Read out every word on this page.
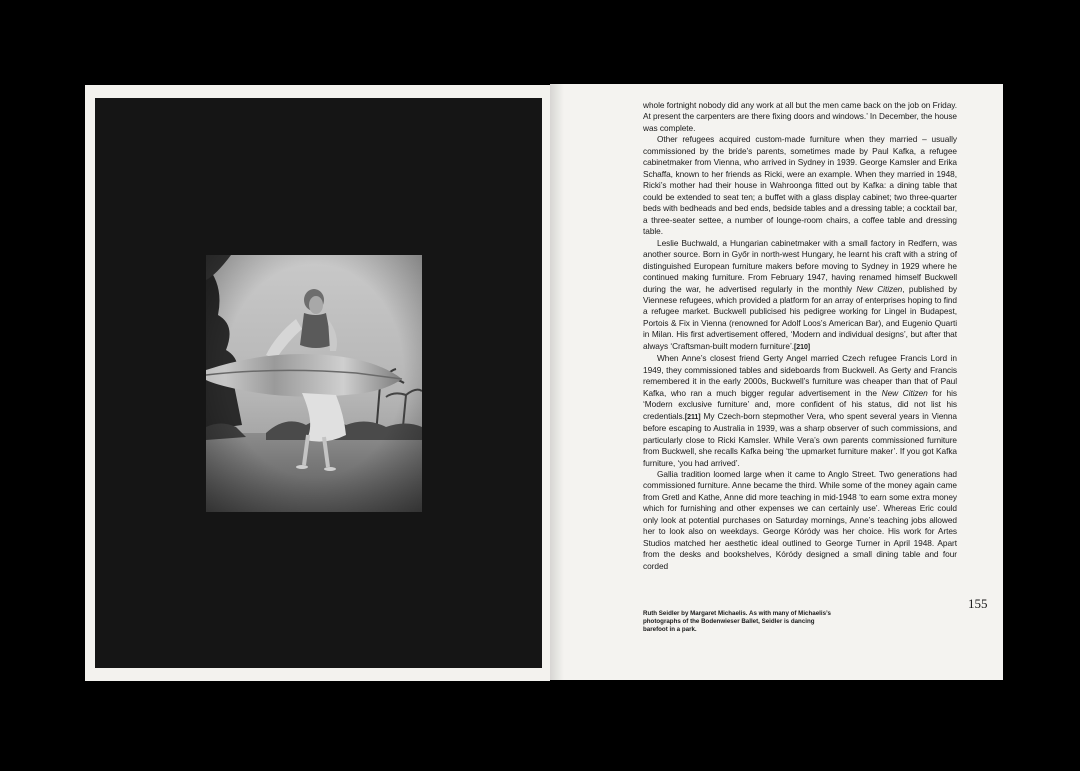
whole fortnight nobody did any work at all but the men came back on the job on Friday. At present the carpenters are there fixing doors and windows.’ In December, the house was complete.

Other refugees acquired custom-made furniture when they married – usually commissioned by the bride’s parents, sometimes made by Paul Kafka, a refugee cabinetmaker from Vienna, who arrived in Sydney in 1939. George Kamsler and Erika Schaffa, known to her friends as Ricki, were an example. When they married in 1948, Ricki’s mother had their house in Wahroonga fitted out by Kafka: a dining table that could be extended to seat ten; a buffet with a glass display cabinet; two three-quarter beds with bedheads and bed ends, bedside tables and a dressing table; a cocktail bar, a three-seater settee, a number of lounge-room chairs, a coffee table and dressing table.

Leslie Buchwald, a Hungarian cabinetmaker with a small factory in Redfern, was another source. Born in Győr in north-west Hungary, he learnt his craft with a string of distinguished European furniture makers before moving to Sydney in 1929 where he continued making furniture. From February 1947, having renamed himself Buckwell during the war, he advertised regularly in the monthly New Citizen, published by Viennese refugees, which provided a platform for an array of enterprises hoping to find a refugee market. Buckwell publicised his pedigree working for Lingel in Budapest, Portois & Fix in Vienna (renowned for Adolf Loos’s American Bar), and Eugenio Quarti in Milan. His first advertisement offered, ‘Modern and individual designs’, but after that always ‘Craftsman-built modern furniture’.[210]

When Anne’s closest friend Gerty Angel married Czech refugee Francis Lord in 1949, they commissioned tables and sideboards from Buckwell. As Gerty and Francis remembered it in the early 2000s, Buckwell’s furniture was cheaper than that of Paul Kafka, who ran a much bigger regular advertisement in the New Citizen for his ‘Modern exclusive furniture’ and, more confident of his status, did not list his credentials.[211] My Czech-born stepmother Vera, who spent several years in Vienna before escaping to Australia in 1939, was a sharp observer of such commissions, and particularly close to Ricki Kamsler. While Vera’s own parents commissioned furniture from Buckwell, she recalls Kafka being ‘the upmarket furniture maker’. If you got Kafka furniture, ‘you had arrived’.

Gallia tradition loomed large when it came to Anglo Street. Two generations had commissioned furniture. Anne became the third. While some of the money again came from Gretl and Kathe, Anne did more teaching in mid-1948 ‘to earn some extra money which for furnishing and other expenses we can certainly use’. Whereas Eric could only look at potential purchases on Saturday mornings, Anne’s teaching jobs allowed her to look also on weekdays. George Kóródy was her choice. His work for Artes Studios matched her aesthetic ideal outlined to George Turner in April 1948. Apart from the desks and bookshelves, Kóródy designed a small dining table and four corded

Ruth Seidler by Margaret Michaelis. As with many of Michaelis’s photographs of the Bodenwieser Ballet, Seidler is dancing barefoot in a park.
155
